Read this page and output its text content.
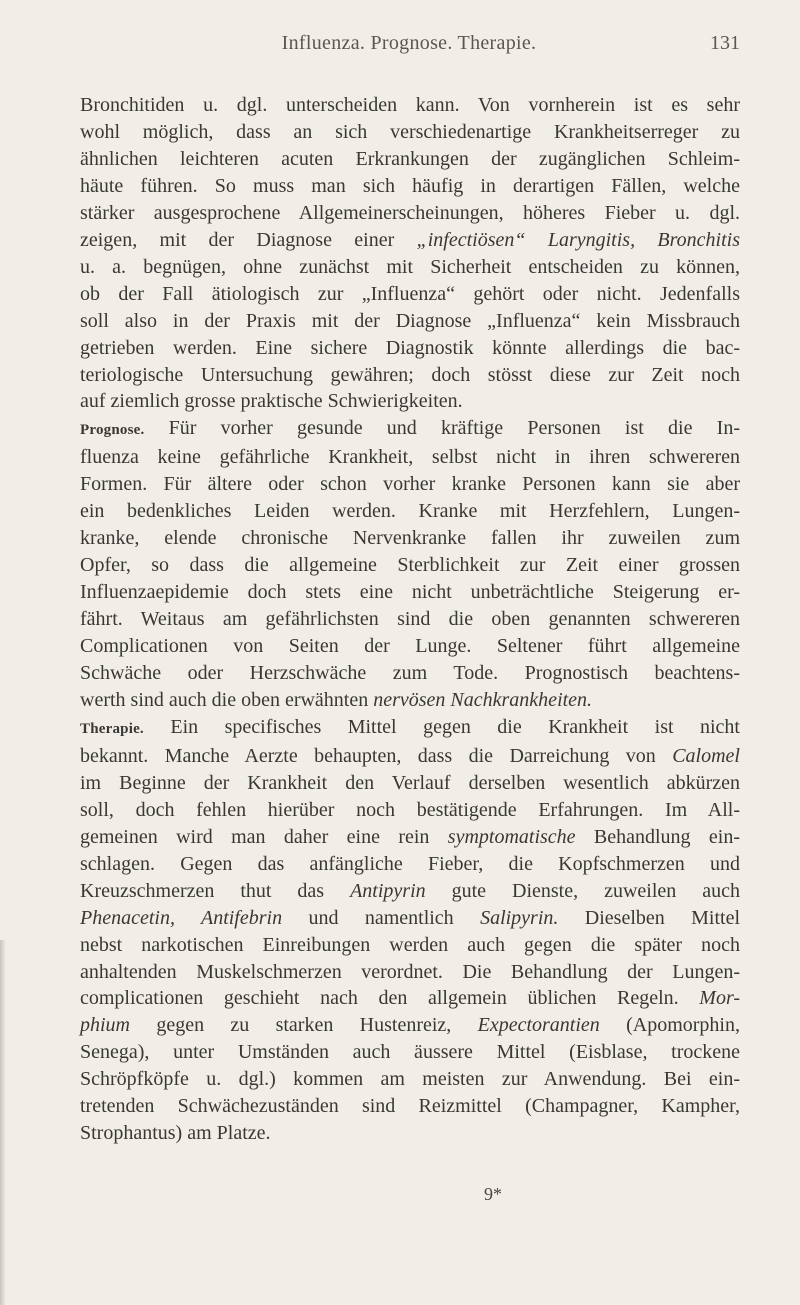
Influenza. Prognose. Therapie.	131

Bronchitiden u. dgl. unterscheiden kann. Von vornherein ist es sehr
wohl möglich, dass an sich verschiedenartige Krankheitserreger zu
ähnlichen leichteren acuten Erkrankungen der zugänglichen Schleim-
häute führen. So muss man sich häufig in derartigen Fällen, welche
stärker ausgesprochene Allgemeinerscheinungen, höheres Fieber u. dgl.
zeigen, mit der Diagnose einer „infectiösen“ Laryngitis, Bronchitis
u. a. begnügen, ohne zunächst mit Sicherheit entscheiden zu können,
ob der Fall ätiologisch zur „Influenza“ gehört oder nicht. Jedenfalls
soll also in der Praxis mit der Diagnose „Influenza“ kein Missbrauch
getrieben werden. Eine sichere Diagnostik könnte allerdings die bac-
teriologische Untersuchung gewähren; doch stösst diese zur Zeit noch
auf ziemlich grosse praktische Schwierigkeiten.

Prognose. Für vorher gesunde und kräftige Personen ist die In-
fluenza keine gefährliche Krankheit, selbst nicht in ihren schwereren
Formen. Für ältere oder schon vorher kranke Personen kann sie aber
ein bedenkliches Leiden werden. Kranke mit Herzfehlern, Lungen-
kranke, elende chronische Nervenkranke fallen ihr zuweilen zum
Opfer, so dass die allgemeine Sterblichkeit zur Zeit einer grossen
Influenzaepidemie doch stets eine nicht unbeträchtliche Steigerung er-
fährt. Weitaus am gefährlichsten sind die oben genannten schwereren
Complicationen von Seiten der Lunge. Seltener führt allgemeine
Schwäche oder Herzschwäche zum Tode. Prognostisch beachtens-
werth sind auch die oben erwähnten nervösen Nachkrankheiten.

Therapie. Ein specifisches Mittel gegen die Krankheit ist nicht
bekannt. Manche Aerzte behaupten, dass die Darreichung von Calomel
im Beginne der Krankheit den Verlauf derselben wesentlich abkürzen
soll, doch fehlen hierüber noch bestätigende Erfahrungen. Im All-
gemeinen wird man daher eine rein symptomatische Behandlung ein-
schlagen. Gegen das anfängliche Fieber, die Kopfschmerzen und
Kreuzschmerzen thut das Antipyrin gute Dienste, zuweilen auch
Phenacetin, Antifebrin und namentlich Salipyrin. Dieselben Mittel
nebst narkotischen Einreibungen werden auch gegen die später noch
anhaltenden Muskelschmerzen verordnet. Die Behandlung der Lungen-
complicationen geschieht nach den allgemein üblichen Regeln. Mor-
phium gegen zu starken Hustenreiz, Expectorantien (Apomorphin,
Senega), unter Umständen auch äussere Mittel (Eisblase, trockene
Schröpfköpfe u. dgl.) kommen am meisten zur Anwendung. Bei ein-
tretenden Schwächezuständen sind Reizmittel (Champagner, Kampher,
Strophantus) am Platze.

9*
